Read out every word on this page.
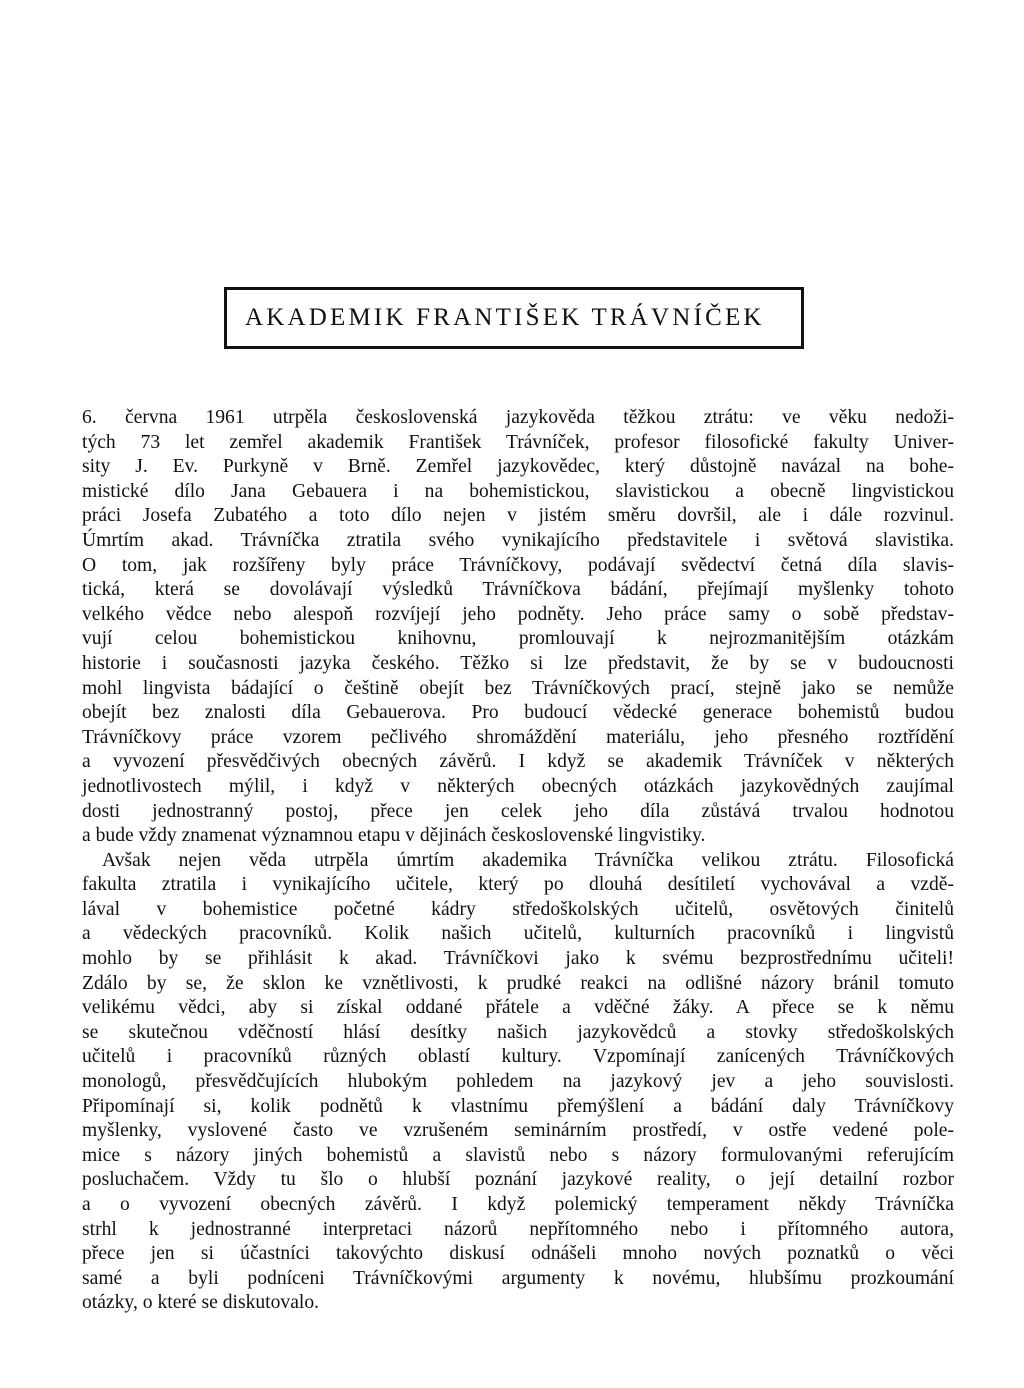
AKADEMIK FRANTIŠEK TRÁVNÍČEK
6. června 1961 utrpěla československá jazykověda těžkou ztrátu: ve věku nedoži-
tých 73 let zemřel akademik František Trávníček, profesor filosofické fakulty Univer-
sity J. Ev. Purkyně v Brně. Zemřel jazykovědec, který důstojně navázal na bohe-
mistické dílo Jana Gebauera i na bohemistickou, slavistickou a obecně lingvistickou
práci Josefa Zubatého a toto dílo nejen v jistém směru dovršil, ale i dále rozvinul.
Úmrtím akad. Trávníčka ztratila svého vynikajícího představitele i světová slavistika.
O tom, jak rozšířeny byly práce Trávníčkovy, podávají svědectví četná díla slavis-
tická, která se dovolávají výsledků Trávníčkova bádání, přejímají myšlenky tohoto
velkého vědce nebo alespoň rozvíjejí jeho podněty. Jeho práce samy o sobě představ-
vují celou bohemistickou knihovnu, promlouvají k nejrozmanitějším otázkám
historie i současnosti jazyka českého. Těžko si lze představit, že by se v budoucnosti
mohl lingvista bádající o češtině obejít bez Trávníčkových prací, stejně jako se nemůže
obejít bez znalosti díla Gebauerova. Pro budoucí vědecké generace bohemistů budou
Trávníčkovy práce vzorem pečlivého shromáždění materiálu, jeho přesného roztřídění
a vyvození přesvědčivých obecných závěrů. I když se akademik Trávníček v některých
jednotlivostech mýlil, i když v některých obecných otázkách jazykovědných zaujímal
dosti jednostranný postoj, přece jen celek jeho díla zůstává trvalou hodnotou
a bude vždy znamenat významnou etapu v dějinách československé lingvistiky.
Avšak nejen věda utrpěla úmrtím akademika Trávníčka velikou ztrátu. Filosofická
fakulta ztratila i vynikajícího učitele, který po dlouhá desítiletí vychovával a vzdě-
lával v bohemistice početné kádry středoškolských učitelů, osvětových činitelů
a vědeckých pracovníků. Kolik našich učitelů, kulturních pracovníků i lingvistů
mohlo by se přihlásit k akad. Trávníčkovi jako k svému bezprostřednímu učiteli!
Zdálo by se, že sklon ke vznětlivosti, k prudké reakci na odlišné názory bránil tomuto
velikému vědci, aby si získal oddané přátele a vděčné žáky. A přece se k němu
se skutečnou vděčností hlásí desítky našich jazykovědců a stovky středoškolských
učitelů i pracovníků různých oblastí kultury. Vzpomínají zanícených Trávníčkových
monologů, přesvědčujících hlubokým pohledem na jazykový jev a jeho souvislosti.
Připomínají si, kolik podnětů k vlastnímu přemýšlení a bádání daly Trávníčkovy
myšlenky, vyslovené často ve vzrušeném seminárním prostředí, v ostře vedené pole-
mice s názory jiných bohemistů a slavistů nebo s názory formulovanými referujícím
posluchačem. Vždy tu šlo o hlubší poznání jazykové reality, o její detailní rozbor
a o vyvození obecných závěrů. I když polemický temperament někdy Trávníčka
strhl k jednostranné interpretaci názorů nepřítomného nebo i přítomného autora,
přece jen si účastníci takovýchto diskusí odnášeli mnoho nových poznatků o věci
samé a byli podníceni Trávníčkovými argumenty k novému, hlubšímu prozkoumání
otázky, o které se diskutovalo.
